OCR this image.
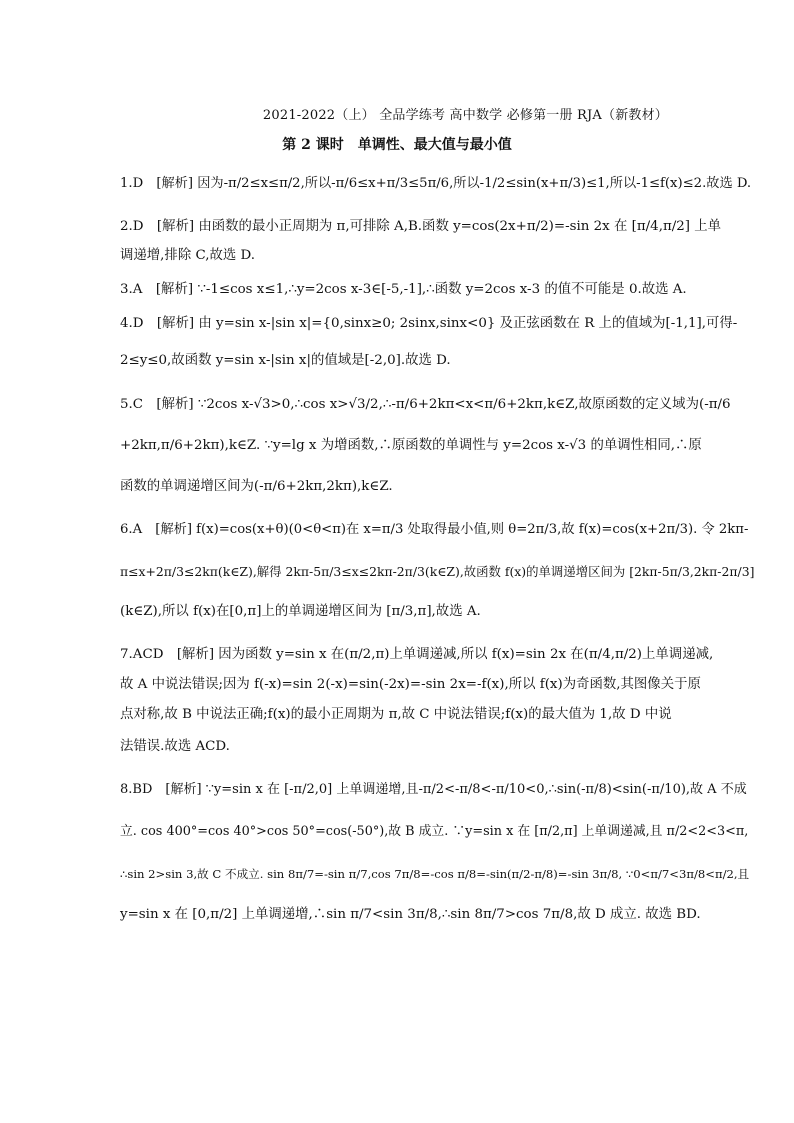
2021-2022（上） 全品学练考 高中数学 必修第一册 RJA（新教材）
第 2 课时　单调性、最大值与最小值
1.D　[解析] 因为-π/2≤x≤π/2,所以-π/6≤x+π/3≤5π/6,所以-1/2≤sin(x+π/3)≤1,所以-1≤f(x)≤2.故选 D.
2.D　[解析] 由函数的最小正周期为 π,可排除 A,B.函数 y=cos(2x+π/2)=-sin 2x 在 [π/4,π/2] 上单
调递增,排除 C,故选 D.
3.A　[解析] ∵-1≤cos x≤1,∴y=2cos x-3∈[-5,-1],∴函数 y=2cos x-3 的值不可能是 0.故选 A.
4.D　[解析] 由 y=sin x-|sin x|={0,sinx≥0; 2sinx,sinx<0} 及正弦函数在 R 上的值域为[-1,1],可得-
2≤y≤0,故函数 y=sin x-|sin x|的值域是[-2,0].故选 D.
5.C　[解析] ∵2cos x-√3>0,∴cos x>√3/2,∴-π/6+2kπ<x<π/6+2kπ,k∈Z,故原函数的定义域为(-π/6
+2kπ,π/6+2kπ),k∈Z. ∵y=lg x 为增函数,∴原函数的单调性与 y=2cos x-√3 的单调性相同,∴原
函数的单调递增区间为(-π/6+2kπ,2kπ),k∈Z.
6.A　[解析] f(x)=cos(x+θ)(0<θ<π)在 x=π/3 处取得最小值,则 θ=2π/3,故 f(x)=cos(x+2π/3). 令 2kπ-
π≤x+2π/3≤2kπ(k∈Z),解得 2kπ-5π/3≤x≤2kπ-2π/3(k∈Z),故函数 f(x)的单调递增区间为 [2kπ-5π/3,2kπ-2π/3]
(k∈Z),所以 f(x)在[0,π]上的单调递增区间为 [π/3,π],故选 A.
7.ACD　[解析] 因为函数 y=sin x 在(π/2,π)上单调递减,所以 f(x)=sin 2x 在(π/4,π/2)上单调递减,
故 A 中说法错误;因为 f(-x)=sin 2(-x)=sin(-2x)=-sin 2x=-f(x),所以 f(x)为奇函数,其图像关于原
点对称,故 B 中说法正确;f(x)的最小正周期为 π,故 C 中说法错误;f(x)的最大值为 1,故 D 中说
法错误.故选 ACD.
8.BD　[解析] ∵y=sin x 在 [-π/2,0] 上单调递增,且-π/2<-π/8<-π/10<0,∴sin(-π/8)<sin(-π/10),故 A 不成
立. cos 400°=cos 40°>cos 50°=cos(-50°),故 B 成立. ∵y=sin x 在 [π/2,π] 上单调递减,且 π/2<2<3<π,
∴sin 2>sin 3,故 C 不成立. sin 8π/7=-sin π/7,cos 7π/8=-cos π/8=-sin(π/2-π/8)=-sin 3π/8, ∵0<π/7<3π/8<π/2,且
y=sin x 在 [0,π/2] 上单调递增,∴sin π/7<sin 3π/8,∴sin 8π/7>cos 7π/8,故 D 成立. 故选 BD.
